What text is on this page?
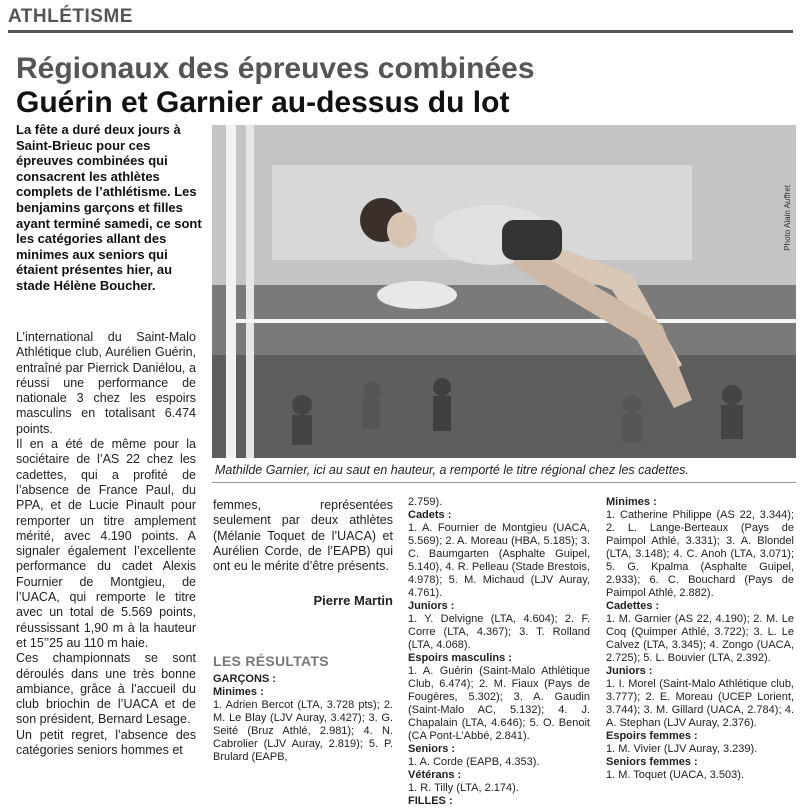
ATHLÉTISME
Régionaux des épreuves combinées
Guérin et Garnier au-dessus du lot
La fête a duré deux jours à Saint-Brieuc pour ces épreuves combinées qui consacrent les athlètes complets de l’athlétisme. Les benjamins garçons et filles ayant terminé samedi, ce sont les catégories allant des minimes aux seniors qui étaient présentes hier, au stade Hélène Boucher.

L’international du Saint-Malo Athlétique club, Aurélien Guérin, entraîné par Pierrick Daniélou, a réussi une performance de nationale 3 chez les espoirs masculins en totalisant 6.474 points.

Il en a été de même pour la sociétaire de l’AS 22 chez les cadettes, qui a profité de l’absence de France Paul, du PPA, et de Lucie Pinault pour remporter un titre amplement mérité, avec 4.190 points. A signaler également l’excellente performance du cadet Alexis Fournier de Montgieu, de l’UACA, qui remporte le titre avec un total de 5.569 points, réussissant 1,90 m à la hauteur et 15’’25 au 110 m haie.

Ces championnats se sont déroulés dans une très bonne ambiance, grâce à l’accueil du club briochin de l’UACA et de son président, Bernard Lesage.

Un petit regret, l’absence des catégories seniors hommes et

Photo Alain Auffret
Mathilde Garnier, ici au saut en hauteur, a remporté le titre régional chez les cadettes.

femmes, représentées seulement par deux athlètes (Mélanie Toquet de l’UACA) et Aurélien Corde, de l’EAPB) qui ont eu le mérite d’être présents.

Pierre Martin
LES RÉSULTATS

GARÇONS :

Minimes :

1. Adrien Bercot (LTA, 3.728 pts); 2. M. Le Blay (LJV Auray, 3.427); 3. G. Seité (Bruz Athlé, 2.981); 4. N. Cabrolier (LJV Auray, 2.819); 5. P. Brulard (EAPB,

2.759).

Cadets :

1. A. Fournier de Montgieu (UACA, 5.569); 2. A. Moreau (HBA, 5.185); 3. C. Baumgarten (Asphalte Guipel, 5.140), 4. R. Pelleau (Stade Brestois, 4.978); 5. M. Michaud (LJV Auray, 4.761).

Juniors :

1. Y. Delvigne (LTA, 4.604); 2. F. Corre (LTA, 4.367); 3. T. Rolland (LTA, 4.068).

Espoirs masculins :

1. A. Guérin (Saint-Malo Athlétique Club, 6.474); 2. M. Fiaux (Pays de Fougères, 5.302); 3. A. Gaudin (Saint-Malo AC, 5.132); 4. J. Chapalain (LTA, 4.646); 5. O. Benoit (CA Pont-L’Abbé, 2.841).

Seniors :

1. A. Corde (EAPB, 4.353).

Vétérans :

1. R. Tilly (LTA, 2.174).

FILLES :

Minimes :

1. Catherine Philippe (AS 22, 3.344); 2. L. Lange-Berteaux (Pays de Paimpol Athlé, 3.331); 3. A. Blondel (LTA, 3.148); 4. C. Anoh (LTA, 3.071); 5. G. Kpalma (Asphalte Guipel, 2.933); 6. C. Bouchard (Pays de Paimpol Athlé, 2.882).

Cadettes :

1. M. Garnier (AS 22, 4.190); 2. M. Le Coq (Quimper Athlé, 3.722); 3. L. Le Calvez (LTA, 3.345); 4. Zongo (UACA, 2.725); 5. L. Bouvier (LTA, 2.392).

Juniors :

1. I. Morel (Saint-Malo Athlétique club, 3.777); 2. E. Moreau (UCEP Lorient, 3.744); 3. M. Gillard (UACA, 2.784); 4. A. Stephan (LJV Auray, 2.376).

Espoirs femmes :

1. M. Vivier (LJV Auray, 3.239).

Seniors femmes :

1. M. Toquet (UACA, 3.503).
